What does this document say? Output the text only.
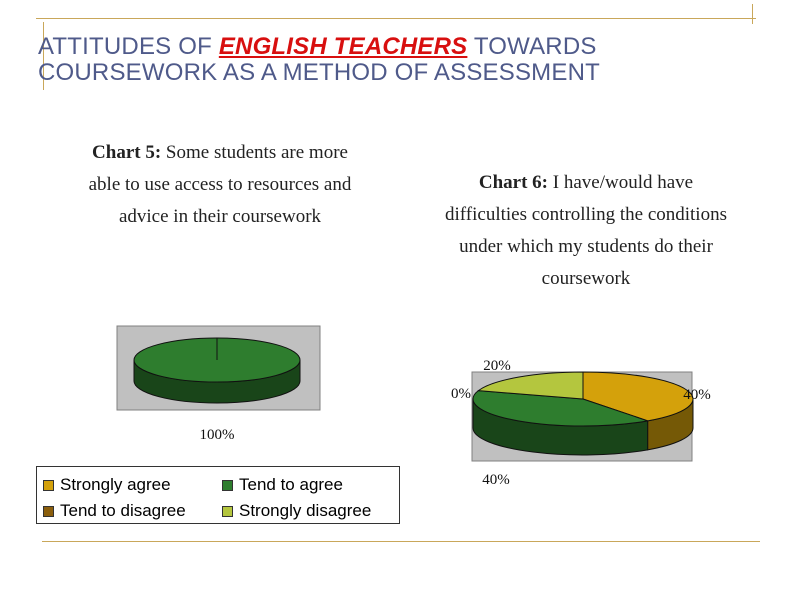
ATTITUDES OF ENGLISH TEACHERS TOWARDS COURSEWORK AS A METHOD OF ASSESSMENT
Chart 5: Some students are more able to use access to resources and advice in their coursework
Chart 6: I have/would have difficulties controlling the conditions under which my students do their coursework
100%
40%
40%
0%
20%
Strongly agree	Tend to agree
Tend to disagree	Strongly disagree
